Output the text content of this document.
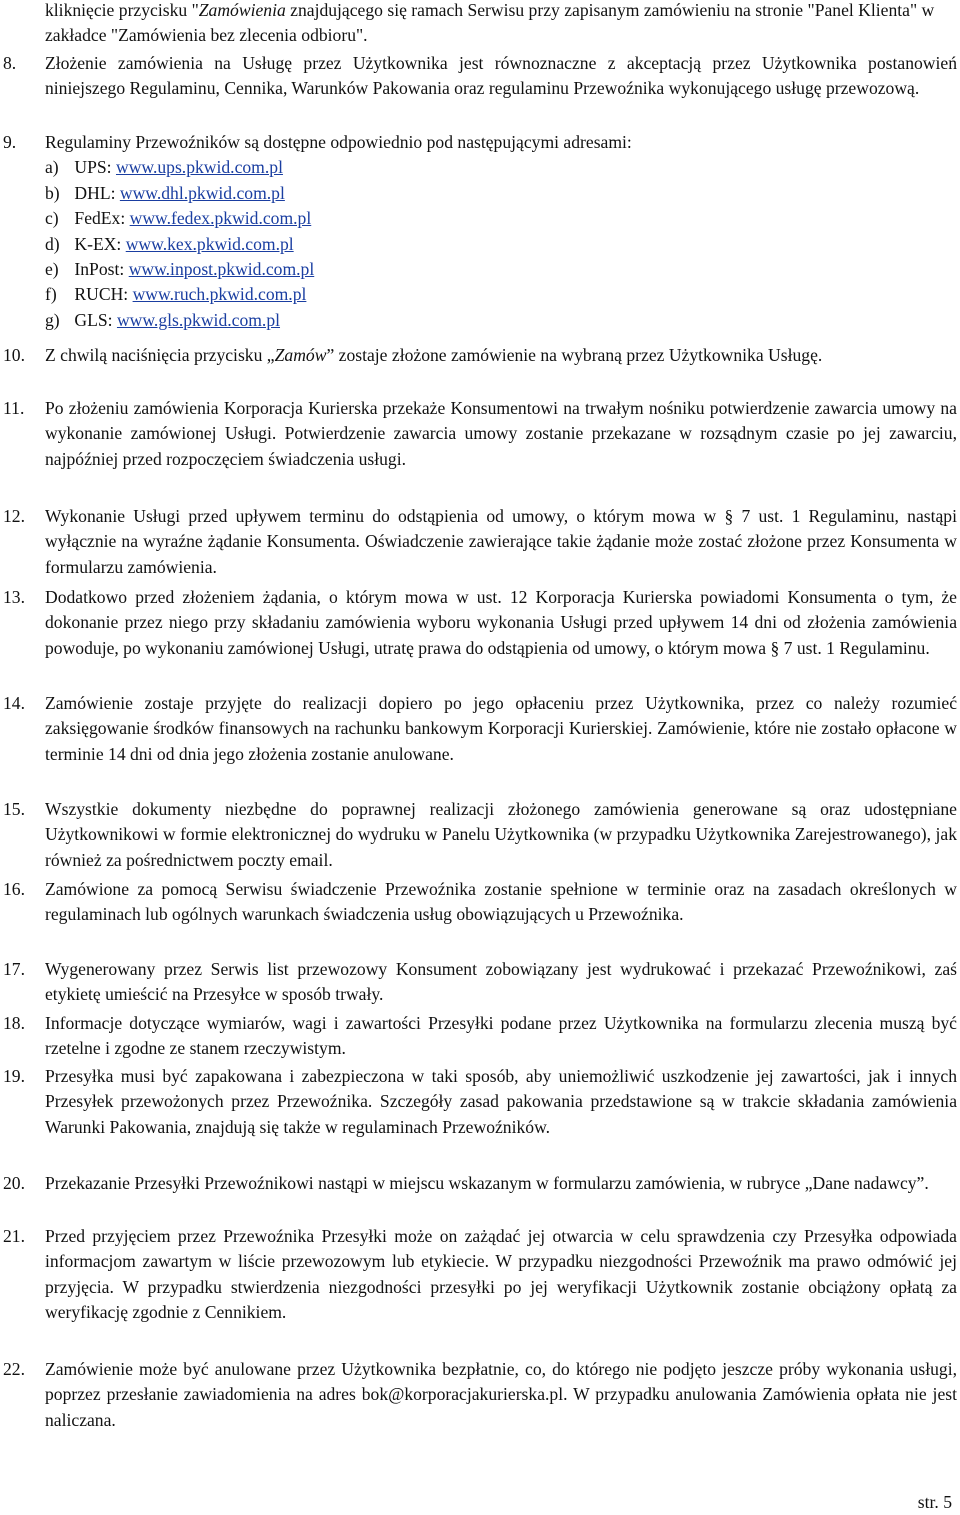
kliknięcie przycisku "Zamówienia znajdującego się ramach Serwisu przy zapisanym zamówieniu na stronie "Panel Klienta" w zakładce "Zamówienia bez zlecenia odbioru".
8.	Złożenie zamówienia na Usługę przez Użytkownika jest równoznaczne z akceptacją przez Użytkownika postanowień niniejszego Regulaminu, Cennika, Warunków Pakowania oraz regulaminu Przewoźnika wykonującego usługę przewozową.
9.	Regulaminy Przewoźników są dostępne odpowiednio pod następującymi adresami:
a) UPS: www.ups.pkwid.com.pl
b) DHL: www.dhl.pkwid.com.pl
c) FedEx: www.fedex.pkwid.com.pl
d) K-EX: www.kex.pkwid.com.pl
e) InPost: www.inpost.pkwid.com.pl
f) RUCH: www.ruch.pkwid.com.pl
g) GLS: www.gls.pkwid.com.pl
10.	Z chwilą naciśnięcia przycisku „Zamów” zostaje złożone zamówienie na wybraną przez Użytkownika Usługę.
11.	Po złożeniu zamówienia Korporacja Kurierska przekaże Konsumentowi na trwałym nośniku potwierdzenie zawarcia umowy na wykonanie zamówionej Usługi. Potwierdzenie zawarcia umowy zostanie przekazane w rozsądnym czasie po jej zawarciu, najpóźniej przed rozpoczęciem świadczenia usługi.
12.	Wykonanie Usługi przed upływem terminu do odstąpienia od umowy, o którym mowa w § 7 ust. 1 Regulaminu, nastąpi wyłącznie na wyraźne żądanie Konsumenta. Oświadczenie zawierające takie żądanie może zostać złożone przez Konsumenta w formularzu zamówienia.
13.	Dodatkowo przed złożeniem żądania, o którym mowa w ust. 12 Korporacja Kurierska powiadomi Konsumenta o tym, że dokonanie przez niego przy składaniu zamówienia wyboru wykonania Usługi przed upływem 14 dni od złożenia zamówienia powoduje, po wykonaniu zamówionej Usługi, utratę prawa do odstąpienia od umowy, o którym mowa § 7 ust. 1 Regulaminu.
14.	Zamówienie zostaje przyjęte do realizacji dopiero po jego opłaceniu przez Użytkownika, przez co należy rozumieć zaksięgowanie środków finansowych na rachunku bankowym Korporacji Kurierskiej. Zamówienie, które nie zostało opłacone w terminie 14 dni od dnia jego złożenia zostanie anulowane.
15.	Wszystkie dokumenty niezbędne do poprawnej realizacji złożonego zamówienia generowane są oraz udostępniane Użytkownikowi w formie elektronicznej do wydruku w Panelu Użytkownika (w przypadku Użytkownika Zarejestrowanego), jak również za pośrednictwem poczty email.
16.	Zamówione za pomocą Serwisu świadczenie Przewoźnika zostanie spełnione w terminie oraz na zasadach określonych w regulaminach lub ogólnych warunkach świadczenia usług obowiązujących u Przewoźnika.
17.	Wygenerowany przez Serwis list przewozowy Konsument zobowiązany jest wydrukować i przekazać Przewoźnikowi, zaś etykietę umieścić na Przesyłce w sposób trwały.
18.	Informacje dotyczące wymiarów, wagi i zawartości Przesyłki podane przez Użytkownika na formularzu zlecenia muszą być rzetelne i zgodne ze stanem rzeczywistym.
19.	Przesyłka musi być zapakowana i zabezpieczona w taki sposób, aby uniemożliwić uszkodzenie jej zawartości, jak i innych Przesyłek przewożonych przez Przewoźnika. Szczegóły zasad pakowania przedstawione są w trakcie składania zamówienia Warunki Pakowania, znajdują się także w regulaminach Przewoźników.
20.	Przekazanie Przesyłki Przewoźnikowi nastąpi w miejscu wskazanym w formularzu zamówienia, w rubryce „Dane nadawcy”.
21.	Przed przyjęciem przez Przewoźnika Przesyłki może on zażądać jej otwarcia w celu sprawdzenia czy Przesyłka odpowiada informacjom zawartym w liście przewozowym lub etykiecie. W przypadku niezgodności Przewoźnik ma prawo odmówić jej przyjęcia. W przypadku stwierdzenia niezgodności przesyłki po jej weryfikacji Użytkownik zostanie obciążony opłatą za weryfikację zgodnie z Cennikiem.
22.	Zamówienie może być anulowane przez Użytkownika bezpłatnie, co, do którego nie podjęto jeszcze próby wykonania usługi, poprzez przesłanie zawiadomienia na adres bok@korporacjakurierska.pl. W przypadku anulowania Zamówienia opłata nie jest naliczana.
str. 5
